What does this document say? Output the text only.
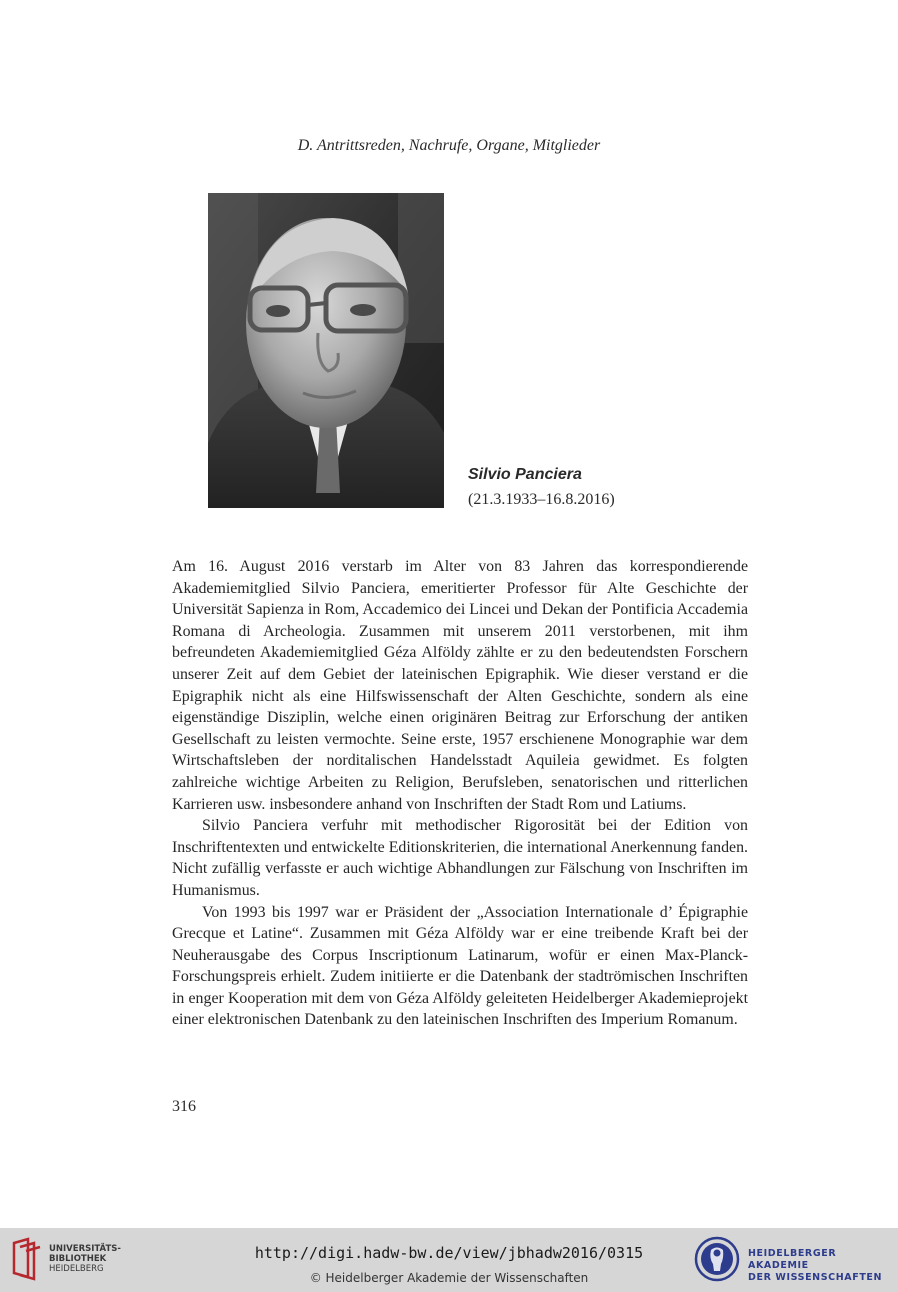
D. Antrittsreden, Nachrufe, Organe, Mitglieder
Silvio Panciera
(21.3.1933–16.8.2016)

Am 16. August 2016 verstarb im Alter von 83 Jahren das korrespondierende Akademiemitglied Silvio Panciera, emeritierter Professor für Alte Geschichte der Universität Sapienza in Rom, Accademico dei Lincei und Dekan der Pontificia Accademia Romana di Archeologia. Zusammen mit unserem 2011 verstorbenen, mit ihm befreundeten Akademiemitglied Géza Alföldy zählte er zu den bedeutendsten Forschern unserer Zeit auf dem Gebiet der lateinischen Epigraphik. Wie dieser verstand er die Epigraphik nicht als eine Hilfswissenschaft der Alten Geschichte, sondern als eine eigenständige Disziplin, welche einen originären Beitrag zur Erforschung der antiken Gesellschaft zu leisten vermochte. Seine erste, 1957 erschienene Monographie war dem Wirtschaftsleben der norditalischen Handelsstadt Aquileia gewidmet. Es folgten zahlreiche wichtige Arbeiten zu Religion, Berufsleben, senatorischen und ritterlichen Karrieren usw. insbesondere anhand von Inschriften der Stadt Rom und Latiums.

Silvio Panciera verfuhr mit methodischer Rigorosität bei der Edition von Inschriftentexten und entwickelte Editionskriterien, die international Anerkennung fanden. Nicht zufällig verfasste er auch wichtige Abhandlungen zur Fälschung von Inschriften im Humanismus.

Von 1993 bis 1997 war er Präsident der „Association Internationale d’ Épigraphie Grecque et Latine“. Zusammen mit Géza Alföldy war er eine treibende Kraft bei der Neuherausgabe des Corpus Inscriptionum Latinarum, wofür er einen Max-Planck-Forschungspreis erhielt. Zudem initiierte er die Datenbank der stadtrömischen Inschriften in enger Kooperation mit dem von Géza Alföldy geleiteten Heidelberger Akademieprojekt einer elektronischen Datenbank zu den lateinischen Inschriften des Imperium Romanum.

316
UNIVERSITÄTS-
BIBLIOTHEK
HEIDELBERG
http://digi.hadw-bw.de/view/jbhadw2016/0315
© Heidelberger Akademie der Wissenschaften
HEIDELBERGER AKADEMIE
DER WISSENSCHAFTEN
